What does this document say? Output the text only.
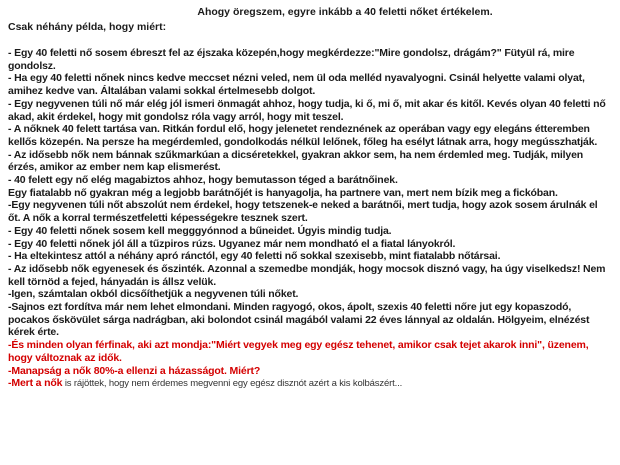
Ahogy öregszem, egyre inkább a 40 feletti nőket értékelem.
Csak néhány példa, hogy miért:

- Egy 40 feletti nő sosem ébreszt fel az éjszaka közepén,hogy megkérdezze:"Mire gondolsz, drágám?" Fütyül rá, mire gondolsz.

- Ha egy 40 feletti nőnek nincs kedve meccset nézni veled, nem ül oda melléd nyavalyogni. Csinál helyette valami olyat, amihez kedve van. Általában valami sokkal értelmesebb dolgot.

- Egy negyvenen túli nő már elég jól ismeri önmagát ahhoz, hogy tudja, ki ő, mi ő, mit akar és kitől. Kevés olyan 40 feletti nő akad, akit érdekel, hogy mit gondolsz róla vagy arról, hogy mit teszel.

- A nőknek 40 felett tartása van. Ritkán fordul elő, hogy jelenetet rendeznének az operában vagy egy elegáns étteremben kellős közepén. Na persze ha megérdemled, gondolkodás nélkül lelőnek, főleg ha esélyt látnak arra, hogy megússzhatják.

- Az idősebb nők nem bánnak szűkmarkúan a dicséretekkel, gyakran akkor sem, ha nem érdemled meg. Tudják, milyen érzés, amikor az ember nem kap elismerést.

- 40 felett egy nő elég magabiztos ahhoz, hogy bemutasson téged a barátnőinek.

Egy fiatalabb nő gyakran még a legjobb barátnőjét is hanyagolja, ha partnere van, mert nem bízik meg a fickóban.

-Egy negyvenen túli nőt abszolút nem érdekel, hogy tetszenek-e neked a barátnői, mert tudja, hogy azok sosem árulnák el őt. A nők a korral természetfeletti képességekre tesznek szert.

- Egy 40 feletti nőnek sosem kell megggyónnod a bűneidet. Úgyis mindig tudja.

- Egy 40 feletti nőnek jól áll a tűzpiros rúzs. Ugyanez már nem mondható el a fiatal lányokról.

- Ha eltekintesz attól a néhány apró ránctól, egy 40 feletti nő sokkal szexisebb, mint fiatalabb nőtársai.

- Az idősebb nők egyenesek és őszinték. Azonnal a szemedbe mondják, hogy mocsok disznó vagy, ha úgy viselkedsz! Nem kell törnöd a fejed, hányadán is állsz velük.

-Igen, számtalan okból dicsőíthetjük a negyvenen túli nőket.

-Sajnos ezt fordítva már nem lehet elmondani. Minden ragyogó, okos, ápolt, szexis 40 feletti nőre jut egy kopaszodó, pocakos őskövület sárga nadrágban, aki bolondot csinál magából valami 22 éves lánnyal az oldalán. Hölgyeim, elnézést kérek érte.

-És minden olyan férfinak, aki azt mondja:"Miért vegyek meg egy egész tehenet, amikor csak tejet akarok inni", üzenem, hogy változnak az idők.

-Manapság a nők 80%-a ellenzi a házasságot. Miért?

-Mert a nők is rájöttek, hogy nem érdemes megvenni egy egész disznót azért a kis kolbászért...
